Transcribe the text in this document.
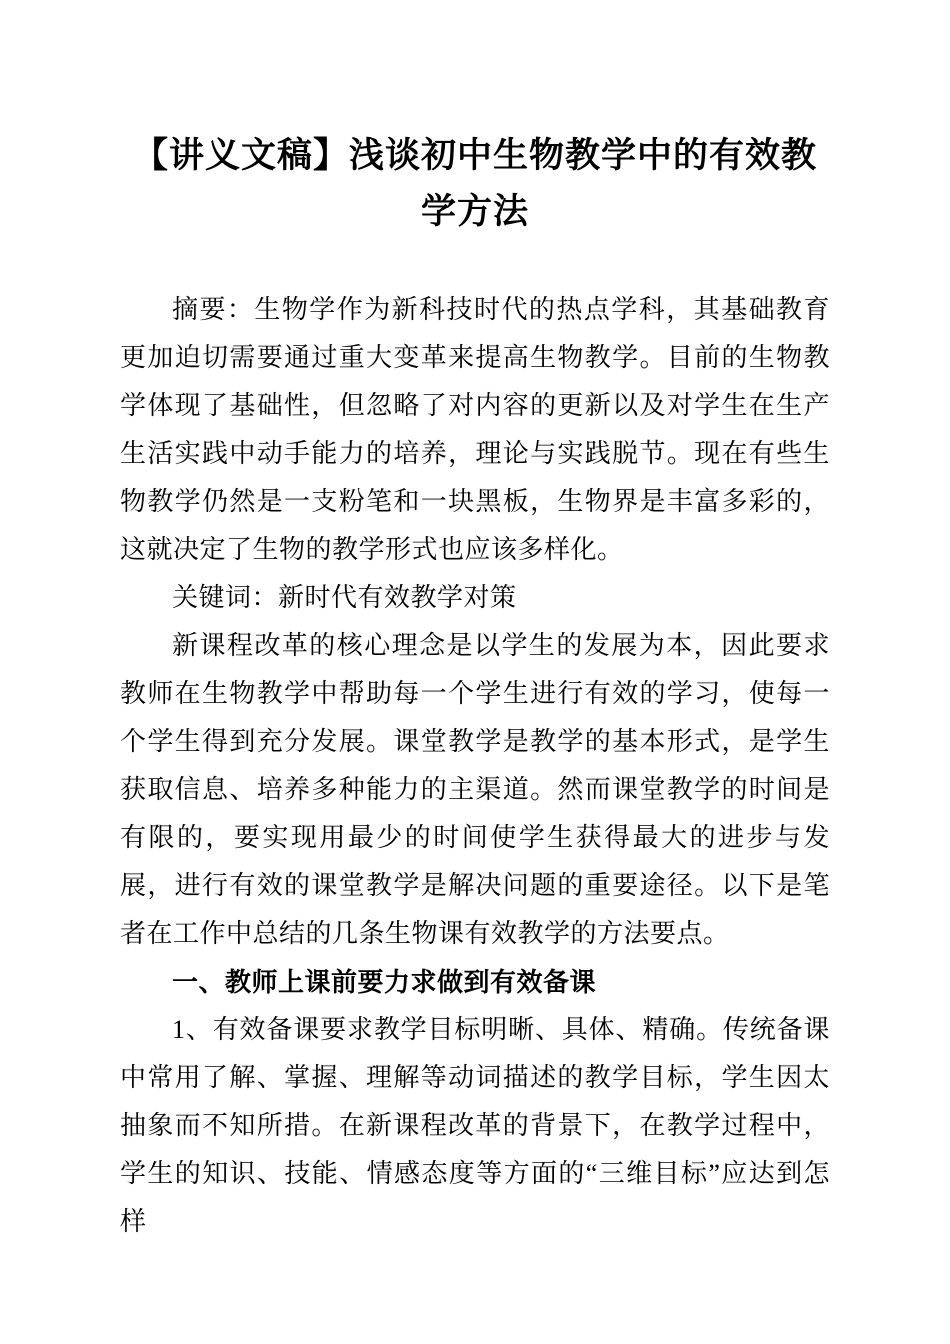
【讲义文稿】浅谈初中生物教学中的有效教学方法

摘要：生物学作为新科技时代的热点学科，其基础教育更加迫切需要通过重大变革来提高生物教学。目前的生物教学体现了基础性，但忽略了对内容的更新以及对学生在生产生活实践中动手能力的培养，理论与实践脱节。现在有些生物教学仍然是一支粉笔和一块黑板，生物界是丰富多彩的，这就决定了生物的教学形式也应该多样化。

关键词：新时代有效教学对策

新课程改革的核心理念是以学生的发展为本，因此要求教师在生物教学中帮助每一个学生进行有效的学习，使每一个学生得到充分发展。课堂教学是教学的基本形式，是学生获取信息、培养多种能力的主渠道。然而课堂教学的时间是有限的，要实现用最少的时间使学生获得最大的进步与发展，进行有效的课堂教学是解决问题的重要途径。以下是笔者在工作中总结的几条生物课有效教学的方法要点。

一、教师上课前要力求做到有效备课

1、有效备课要求教学目标明晰、具体、精确。传统备课中常用了解、掌握、理解等动词描述的教学目标，学生因太抽象而不知所措。在新课程改革的背景下，在教学过程中，学生的知识、技能、情感态度等方面的“三维目标”应达到怎样
